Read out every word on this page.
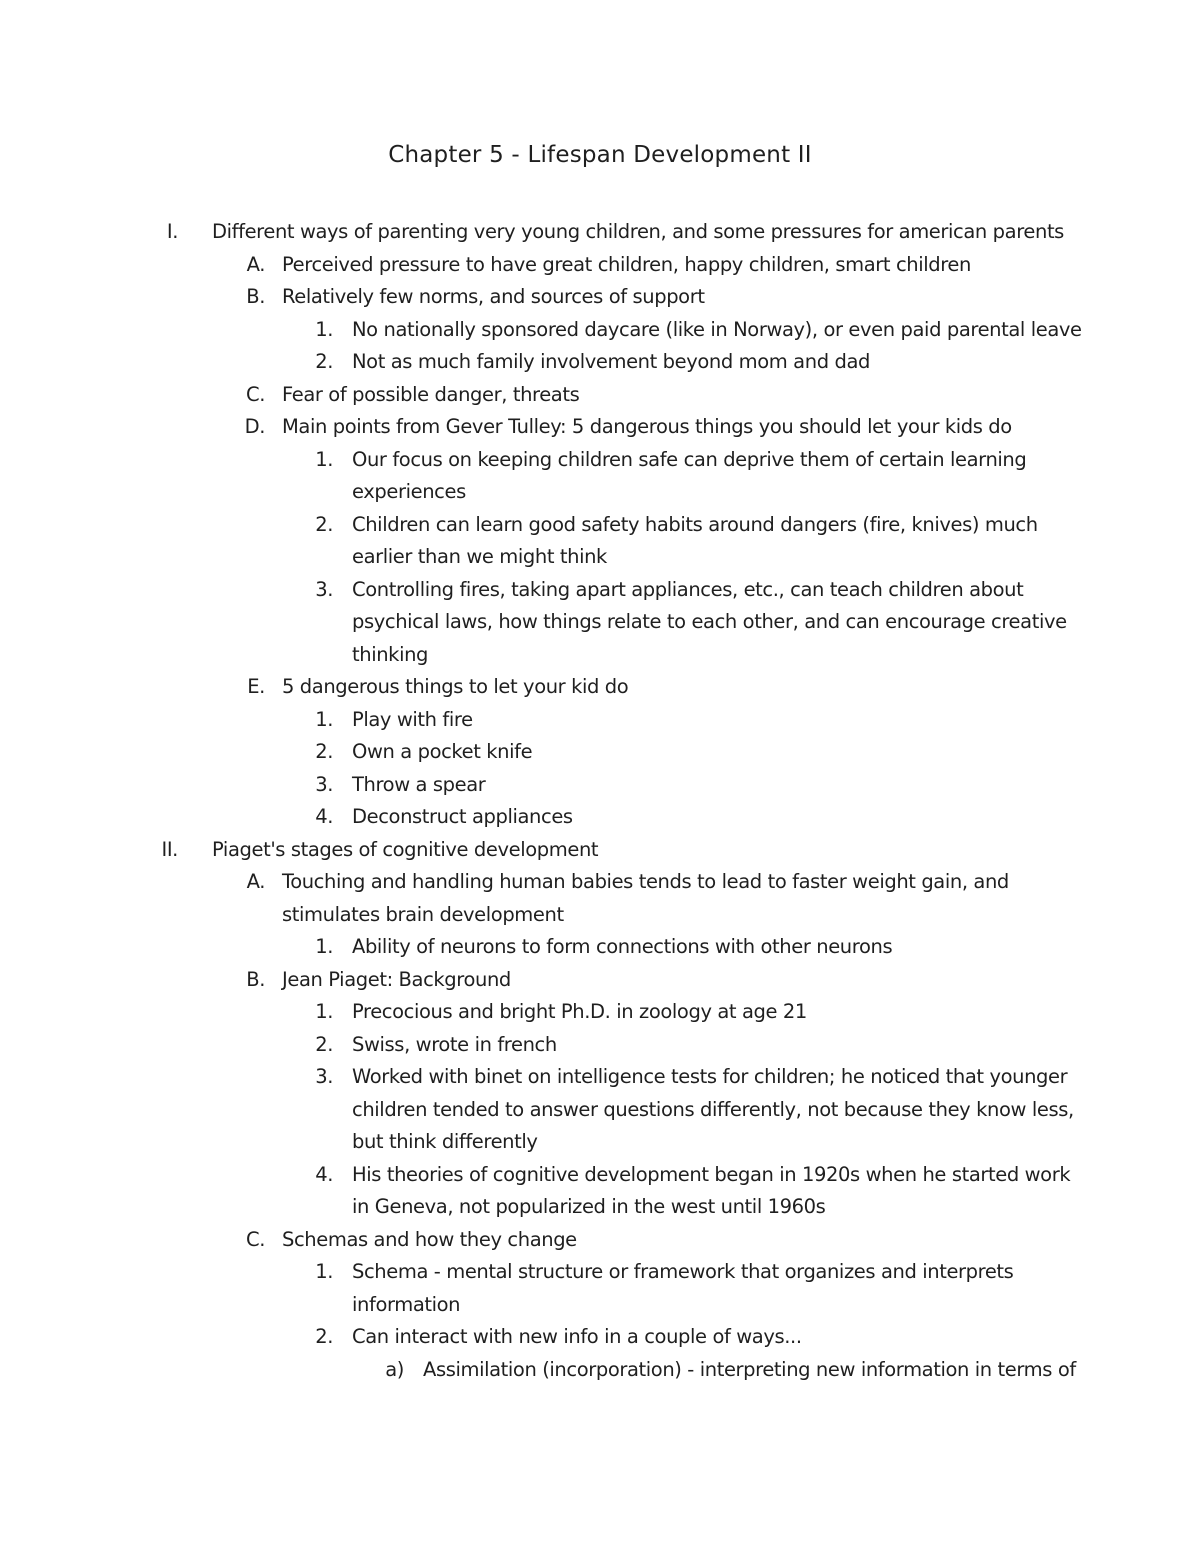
Chapter 5 - Lifespan Development II
I. Different ways of parenting very young children, and some pressures for american parents
A. Perceived pressure to have great children, happy children, smart children
B. Relatively few norms, and sources of support
1. No nationally sponsored daycare (like in Norway), or even paid parental leave
2. Not as much family involvement beyond mom and dad
C. Fear of possible danger, threats
D. Main points from Gever Tulley: 5 dangerous things you should let your kids do
1. Our focus on keeping children safe can deprive them of certain learning
experiences
2. Children can learn good safety habits around dangers (fire, knives) much
earlier than we might think
3. Controlling fires, taking apart appliances, etc., can teach children about
psychical laws, how things relate to each other, and can encourage creative
thinking
E. 5 dangerous things to let your kid do
1. Play with fire
2. Own a pocket knife
3. Throw a spear
4. Deconstruct appliances
II. Piaget's stages of cognitive development
A. Touching and handling human babies tends to lead to faster weight gain, and
stimulates brain development
1. Ability of neurons to form connections with other neurons
B. Jean Piaget: Background
1. Precocious and bright Ph.D. in zoology at age 21
2. Swiss, wrote in french
3. Worked with binet on intelligence tests for children; he noticed that younger
children tended to answer questions differently, not because they know less,
but think differently
4. His theories of cognitive development began in 1920s when he started work
in Geneva, not popularized in the west until 1960s
C. Schemas and how they change
1. Schema - mental structure or framework that organizes and interprets
information
2. Can interact with new info in a couple of ways...
a) Assimilation (incorporation) - interpreting new information in terms of
